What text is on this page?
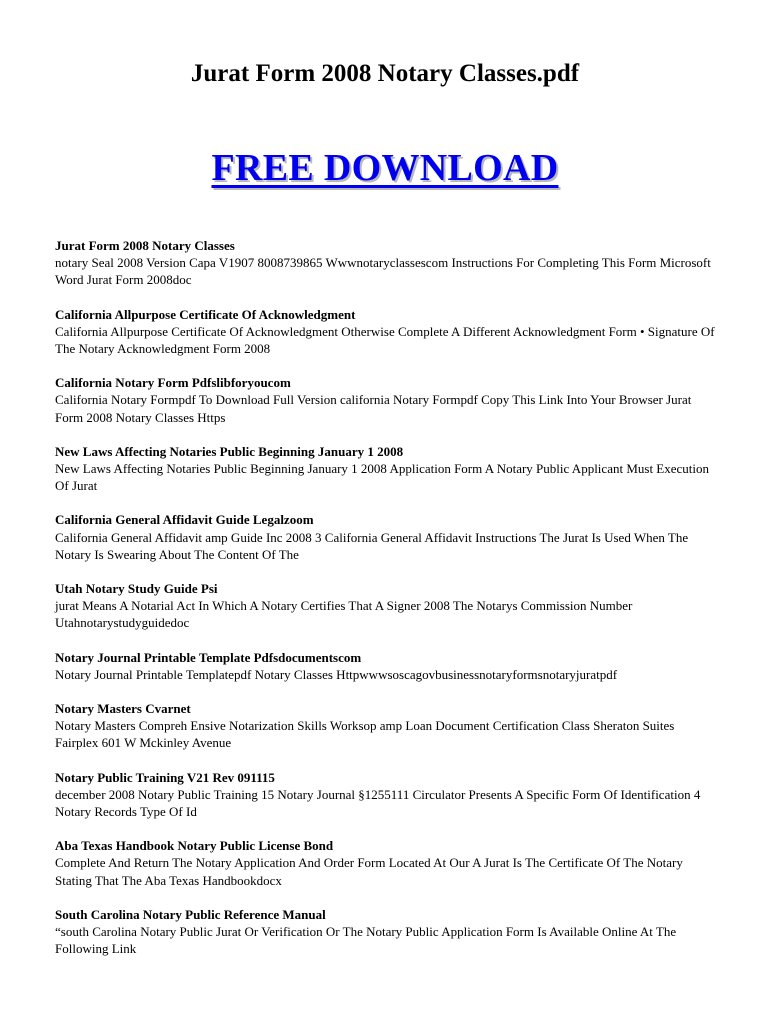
Jurat Form 2008 Notary Classes.pdf
FREE DOWNLOAD
Jurat Form 2008 Notary Classes
notary Seal 2008 Version Capa V1907 8008739865 Wwwnotaryclassescom Instructions For Completing This Form Microsoft Word Jurat Form 2008doc
California Allpurpose Certificate Of Acknowledgment
California Allpurpose Certificate Of Acknowledgment Otherwise Complete A Different Acknowledgment Form • Signature Of The Notary Acknowledgment Form 2008
California Notary Form Pdfslibforyoucom
California Notary Formpdf To Download Full Version california Notary Formpdf Copy This Link Into Your Browser Jurat Form 2008 Notary Classes Https
New Laws Affecting Notaries Public Beginning January 1 2008
New Laws Affecting Notaries Public Beginning January 1 2008 Application Form A Notary Public Applicant Must Execution Of Jurat
California General Affidavit Guide Legalzoom
California General Affidavit amp Guide Inc 2008 3 California General Affidavit Instructions The Jurat Is Used When The Notary Is Swearing About The Content Of The
Utah Notary Study Guide Psi
jurat Means A Notarial Act In Which A Notary Certifies That A Signer 2008 The Notarys Commission Number Utahnotarystudyguidedoc
Notary Journal Printable Template Pdfsdocumentscom
Notary Journal Printable Templatepdf Notary Classes Httpwwwsoscagovbusinessnotaryformsnotaryjuratpdf
Notary Masters Cvarnet
Notary Masters Compreh Ensive Notarization Skills Worksop amp Loan Document Certification Class Sheraton Suites Fairplex 601 W Mckinley Avenue
Notary Public Training V21 Rev 091115
december 2008 Notary Public Training 15 Notary Journal §1255111 Circulator Presents A Specific Form Of Identification 4 Notary Records Type Of Id
Aba Texas Handbook Notary Public License Bond
Complete And Return The Notary Application And Order Form Located At Our A Jurat Is The Certificate Of The Notary Stating That The Aba Texas Handbookdocx
South Carolina Notary Public Reference Manual
“south Carolina Notary Public Jurat Or Verification Or The Notary Public Application Form Is Available Online At The Following Link
